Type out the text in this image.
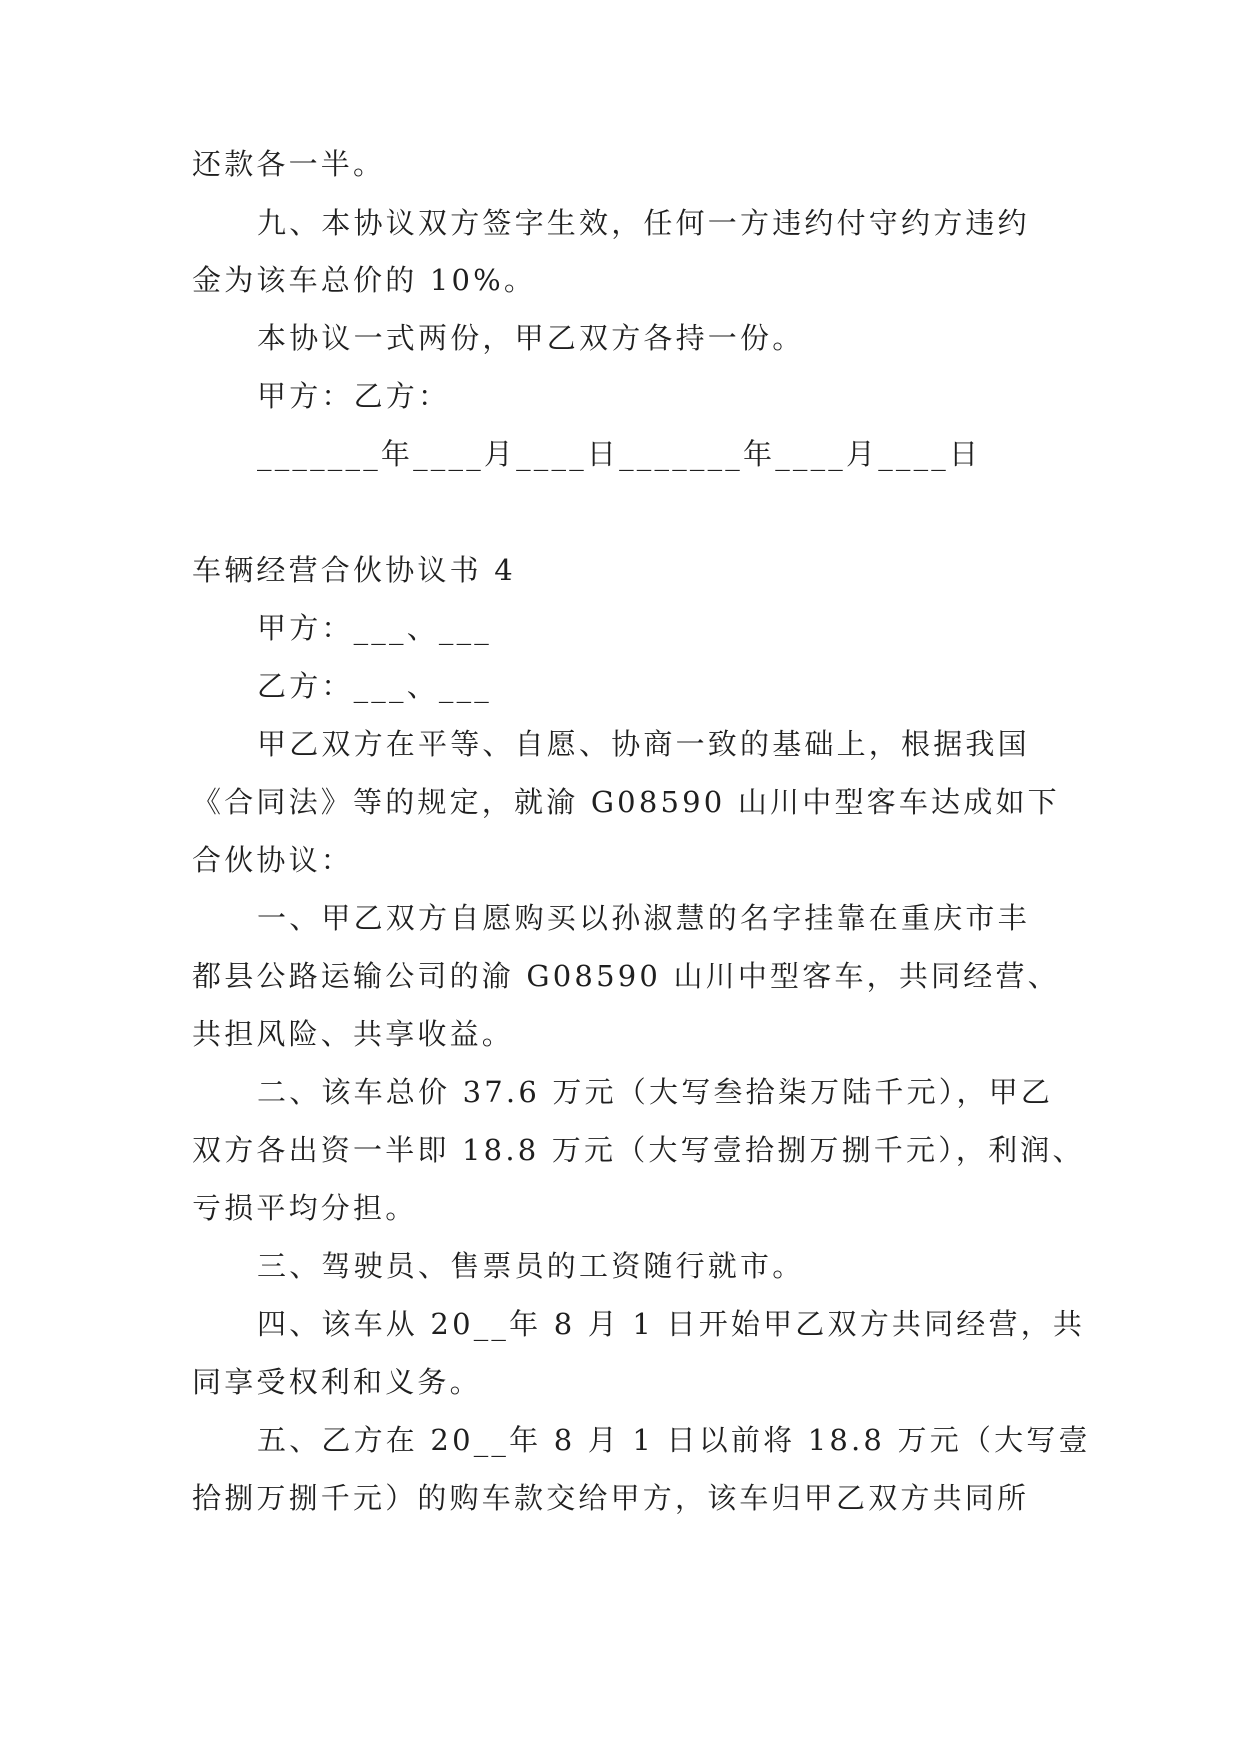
还款各一半。
九、本协议双方签字生效，任何一方违约付守约方违约
金为该车总价的 10%。
本协议一式两份，甲乙双方各持一份。
甲方：乙方：
_______年____月____日_______年____月____日
车辆经营合伙协议书 4
甲方：___、___
乙方：___、___
甲乙双方在平等、自愿、协商一致的基础上，根据我国
《合同法》等的规定，就渝 G08590 山川中型客车达成如下
合伙协议：
一、甲乙双方自愿购买以孙淑慧的名字挂靠在重庆市丰
都县公路运输公司的渝 G08590 山川中型客车，共同经营、
共担风险、共享收益。
二、该车总价 37.6 万元（大写叁拾柒万陆千元），甲乙
双方各出资一半即 18.8 万元（大写壹拾捌万捌千元），利润、
亏损平均分担。
三、驾驶员、售票员的工资随行就市。
四、该车从 20__年 8 月 1 日开始甲乙双方共同经营，共
同享受权利和义务。
五、乙方在 20__年 8 月 1 日以前将 18.8 万元（大写壹
拾捌万捌千元）的购车款交给甲方，该车归甲乙双方共同所
